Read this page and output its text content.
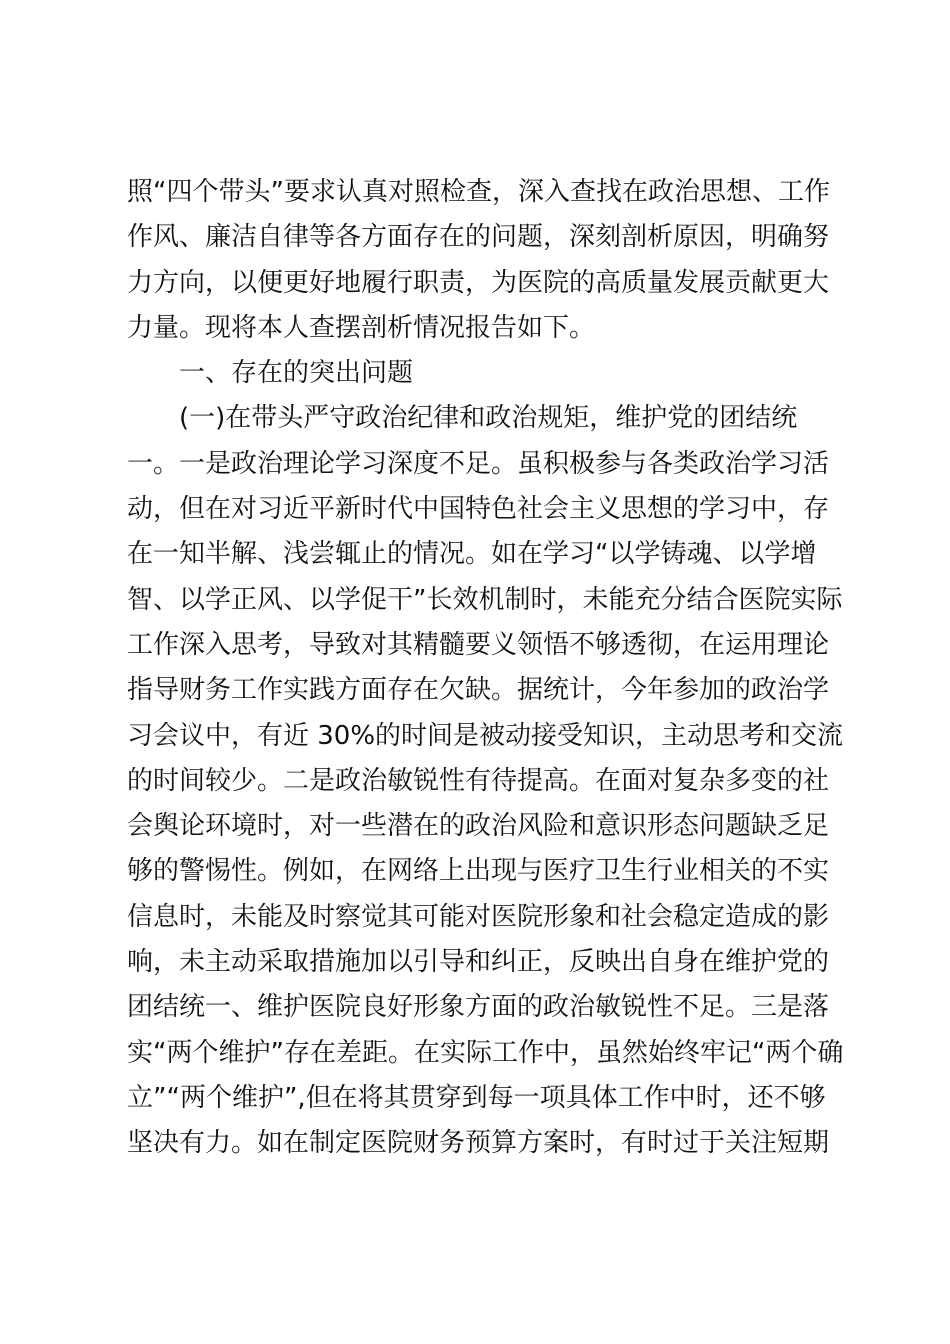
照“四个带头”要求认真对照检查，深入查找在政治思想、工作
作风、廉洁自律等各方面存在的问题，深刻剖析原因，明确努
力方向，以便更好地履行职责，为医院的高质量发展贡献更大
力量。现将本人查摆剖析情况报告如下。
一、存在的突出问题
(一)在带头严守政治纪律和政治规矩，维护党的团结统
一。一是政治理论学习深度不足。虽积极参与各类政治学习活
动，但在对习近平新时代中国特色社会主义思想的学习中，存
在一知半解、浅尝辄止的情况。如在学习“以学铸魂、以学增
智、以学正风、以学促干”长效机制时，未能充分结合医院实际
工作深入思考，导致对其精髓要义领悟不够透彻，在运用理论
指导财务工作实践方面存在欠缺。据统计，今年参加的政治学
习会议中，有近 30%的时间是被动接受知识，主动思考和交流
的时间较少。二是政治敏锐性有待提高。在面对复杂多变的社
会舆论环境时，对一些潜在的政治风险和意识形态问题缺乏足
够的警惕性。例如，在网络上出现与医疗卫生行业相关的不实
信息时，未能及时察觉其可能对医院形象和社会稳定造成的影
响，未主动采取措施加以引导和纠正，反映出自身在维护党的
团结统一、维护医院良好形象方面的政治敏锐性不足。三是落
实“两个维护”存在差距。在实际工作中，虽然始终牢记“两个确
立”“两个维护”,但在将其贯穿到每一项具体工作中时，还不够
坚决有力。如在制定医院财务预算方案时，有时过于关注短期
